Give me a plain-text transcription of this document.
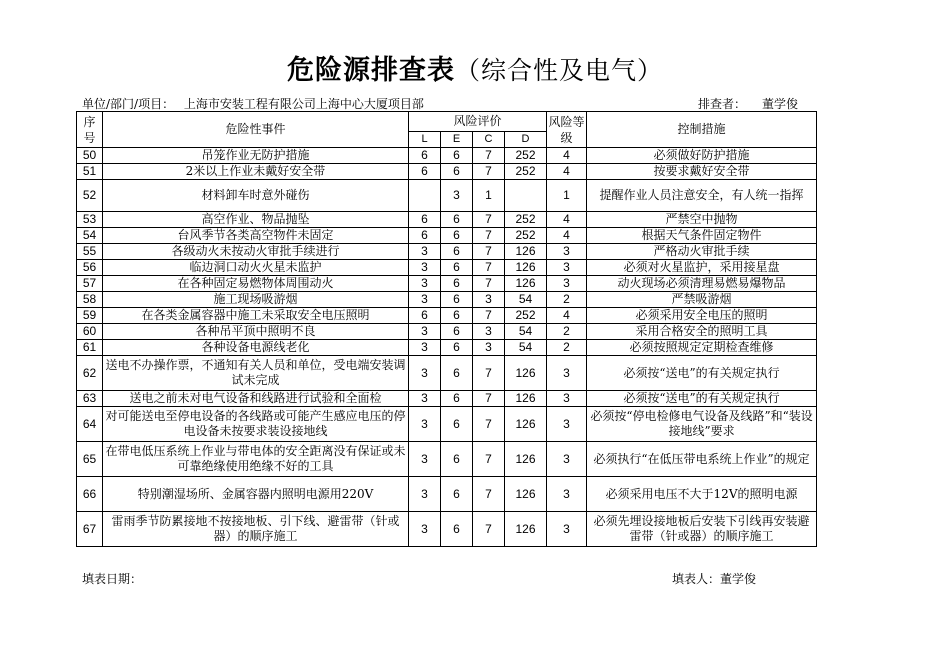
危险源排查表（综合性及电气）
单位/部门/项目： 上海市安装工程有限公司上海中心大厦项目部	排查者： 董学俊
序号	危险性事件	风险评价				风险等级	控制措施
		L	E	C	D		
50	吊笼作业无防护措施	6	6	7	252	4	必须做好防护措施
51	2米以上作业未戴好安全带	6	6	7	252	4	按要求戴好安全带
52	材料卸车时意外碰伤		3	1		1	提醒作业人员注意安全，有人统一指挥
53	高空作业、物品抛坠	6	6	7	252	4	严禁空中抛物
54	台风季节各类高空物件未固定	6	6	7	252	4	根据天气条件固定物件
55	各级动火未按动火审批手续进行	3	6	7	126	3	严格动火审批手续
56	临边洞口动火火星未监护	3	6	7	126	3	必须对火星监护，采用接星盘
57	在各种固定易燃物体周围动火	3	6	7	126	3	动火现场必须清理易燃易爆物品
58	施工现场吸游烟	3	6	3	54	2	严禁吸游烟
59	在各类金属容器中施工未采取安全电压照明	6	6	7	252	4	必须采用安全电压的照明
60	各种吊平顶中照明不良	3	6	3	54	2	采用合格安全的照明工具
61	各种设备电源线老化	3	6	3	54	2	必须按照规定定期检查维修
62	送电不办操作票，不通知有关人员和单位，受电端安装调试未完成	3	6	7	126	3	必须按“送电”的有关规定执行
63	送电之前未对电气设备和线路进行试验和全面检	3	6	7	126	3	必须按“送电”的有关规定执行
64	对可能送电至停电设备的各线路或可能产生感应电压的停电设备未按要求装设接地线	3	6	7	126	3	必须按“停电检修电气设备及线路”和“装设接地线”要求
65	在带电低压系统上作业与带电体的安全距离没有保证或未可靠绝缘使用绝缘不好的工具	3	6	7	126	3	必须执行“在低压带电系统上作业”的规定
66	特别潮湿场所、金属容器内照明电源用220V	3	6	7	126	3	必须采用电压不大于12V的照明电源
67	雷雨季节防累接地不按接地板、引下线、避雷带（针或器）的顺序施工	3	6	7	126	3	必须先埋设接地板后安装下引线再安装避雷带（针或器）的顺序施工
填表日期：	填表人：董学俊
